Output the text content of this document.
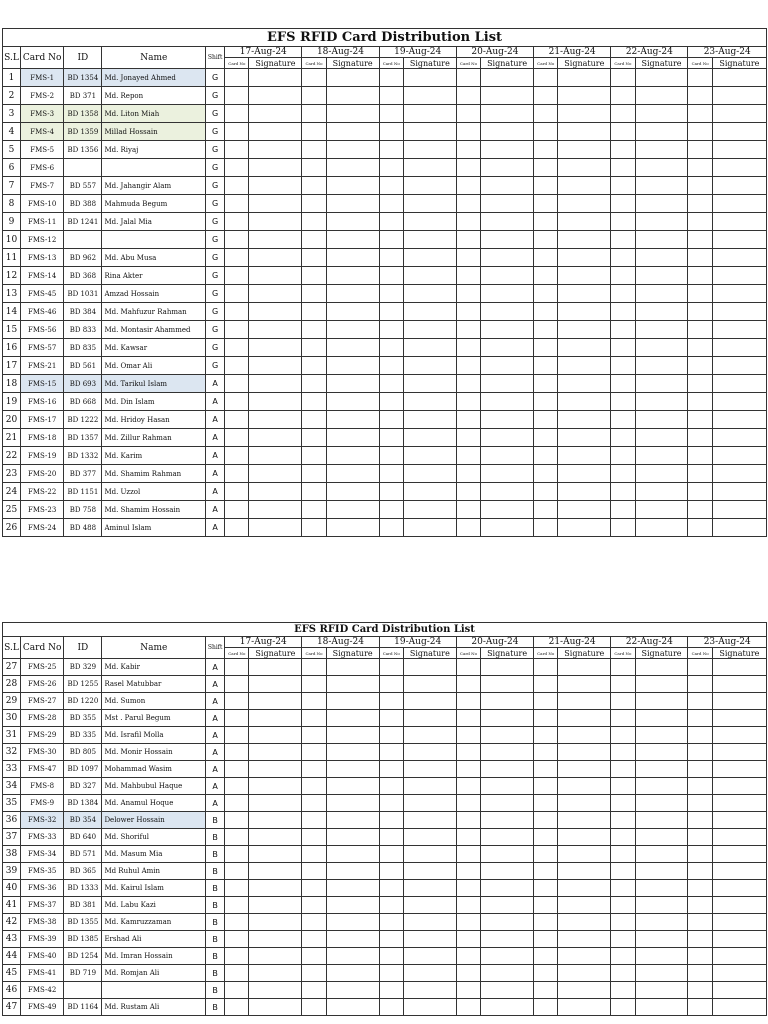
EFS RFID Card Distribution List																		
S.L	Card No	ID	Name	Shift	17-Aug-24		18-Aug-24		19-Aug-24		20-Aug-24		21-Aug-24		22-Aug-24		23-Aug-24	
					Card No	Signature	Card No	Signature	Card No	Signature	Card No	Signature	Card No	Signature	Card No	Signature	Card No	Signature
1	FMS-1	BD 1354	Md. Jonayed Ahmed	G														
2	FMS-2	BD 371	Md. Repon	G														
3	FMS-3	BD 1358	Md. Liton Miah	G														
4	FMS-4	BD 1359	Millad Hossain	G														
5	FMS-5	BD 1356	Md. Riyaj	G														
6	FMS-6			G														
7	FMS-7	BD 557	Md. Jahangir Alam	G														
8	FMS-10	BD 388	Mahmuda Begum	G														
9	FMS-11	BD 1241	Md. Jalal Mia	G														
10	FMS-12			G														
11	FMS-13	BD 962	Md. Abu Musa	G														
12	FMS-14	BD 368	Rina Akter	G														
13	FMS-45	BD 1031	Amzad Hossain	G														
14	FMS-46	BD 384	Md. Mahfuzur Rahman	G														
15	FMS-56	BD 833	Md. Montasir Ahammed	G														
16	FMS-57	BD 835	Md. Kawsar	G														
17	FMS-21	BD 561	Md. Omar Ali	G														
18	FMS-15	BD 693	Md. Tarikul Islam	A														
19	FMS-16	BD 668	Md. Din Islam	A														
20	FMS-17	BD 1222	Md. Hridoy Hasan	A														
21	FMS-18	BD 1357	Md. Zillur Rahman	A														
22	FMS-19	BD 1332	Md. Karim	A														
23	FMS-20	BD 377	Md. Shamim Rahman	A														
24	FMS-22	BD 1151	Md. Uzzol	A														
25	FMS-23	BD 758	Md. Shamim Hossain	A														
26	FMS-24	BD 488	Aminul Islam	A														
EFS RFID Card Distribution List																		
S.L	Card No	ID	Name	Shift	17-Aug-24		18-Aug-24		19-Aug-24		20-Aug-24		21-Aug-24		22-Aug-24		23-Aug-24	
					Card No	Signature	Card No	Signature	Card No	Signature	Card No	Signature	Card No	Signature	Card No	Signature	Card No	Signature
27	FMS-25	BD 329	Md. Kabir	A														
28	FMS-26	BD 1255	Rasel Matubbar	A														
29	FMS-27	BD 1220	Md. Sumon	A														
30	FMS-28	BD 355	Mst . Parul Begum	A														
31	FMS-29	BD 335	Md. Israfil Molla	A														
32	FMS-30	BD 805	Md. Monir Hossain	A														
33	FMS-47	BD 1097	Mohammad Wasim	A														
34	FMS-8	BD 327	Md. Mahbubul Haque	A														
35	FMS-9	BD 1384	Md. Anamul Hoque	A														
36	FMS-32	BD 354	Delower Hossain	B														
37	FMS-33	BD 640	Md. Shoriful	B														
38	FMS-34	BD 571	Md. Masum Mia	B														
39	FMS-35	BD 365	Md Ruhul Amin	B														
40	FMS-36	BD 1333	Md. Kairul Islam	B														
41	FMS-37	BD 381	Md. Labu Kazi	B														
42	FMS-38	BD 1355	Md. Kamruzzaman	B														
43	FMS-39	BD 1385	Ershad Ali	B														
44	FMS-40	BD 1254	Md. Imran Hossain	B														
45	FMS-41	BD 719	Md. Romjan Ali	B														
46	FMS-42			B														
47	FMS-49	BD 1164	Md. Rustam Ali	B														
